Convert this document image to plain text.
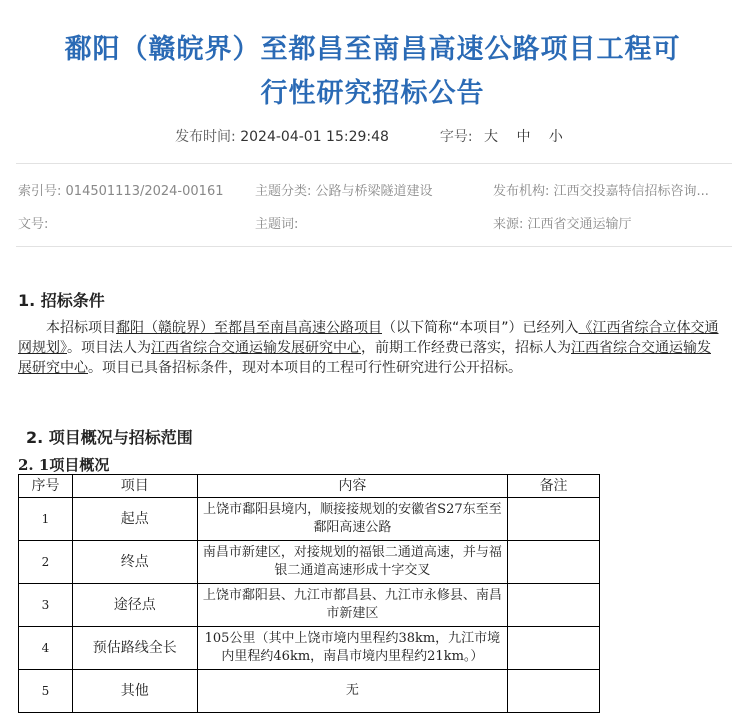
鄱阳（赣皖界）至都昌至南昌高速公路项目工程可
行性研究招标公告
发布时间: 2024-04-01 15:29:48	字号: 大 中 小
索引号: 014501113/2024-00161 主题分类: 公路与桥梁隧道建设	发布机构: 江西交投嘉特信招标咨询...
文号:	主题词:	来源: 江西省交通运输厅
1. 招标条件

本招标项目鄱阳（赣皖界）至都昌至南昌高速公路项目（以下简称“本项目”）已经列入《江西省综合立体交通网规划》。项目法人为江西省综合交通运输发展研究中心，前期工作经费已落实，招标人为江西省综合交通运输发展研究中心。项目已具备招标条件，现对本项目的工程可行性研究进行公开招标。

2. 项目概况与招标范围
2. 1项目概况
序号	项目	内容	备注
1	起点	上饶市鄱阳县境内，顺接接规划的安徽省S27东至至鄱阳高速公路	
2	终点	南昌市新建区，对接规划的福银二通道高速，并与福银二通道高速形成十字交叉	
3	途径点	上饶市鄱阳县、九江市都昌县、九江市永修县、南昌市新建区	
4	预估路线全长	105公里（其中上饶市境内里程约38km，九江市境内里程约46km，南昌市境内里程约21km。）	
5	其他	无	
